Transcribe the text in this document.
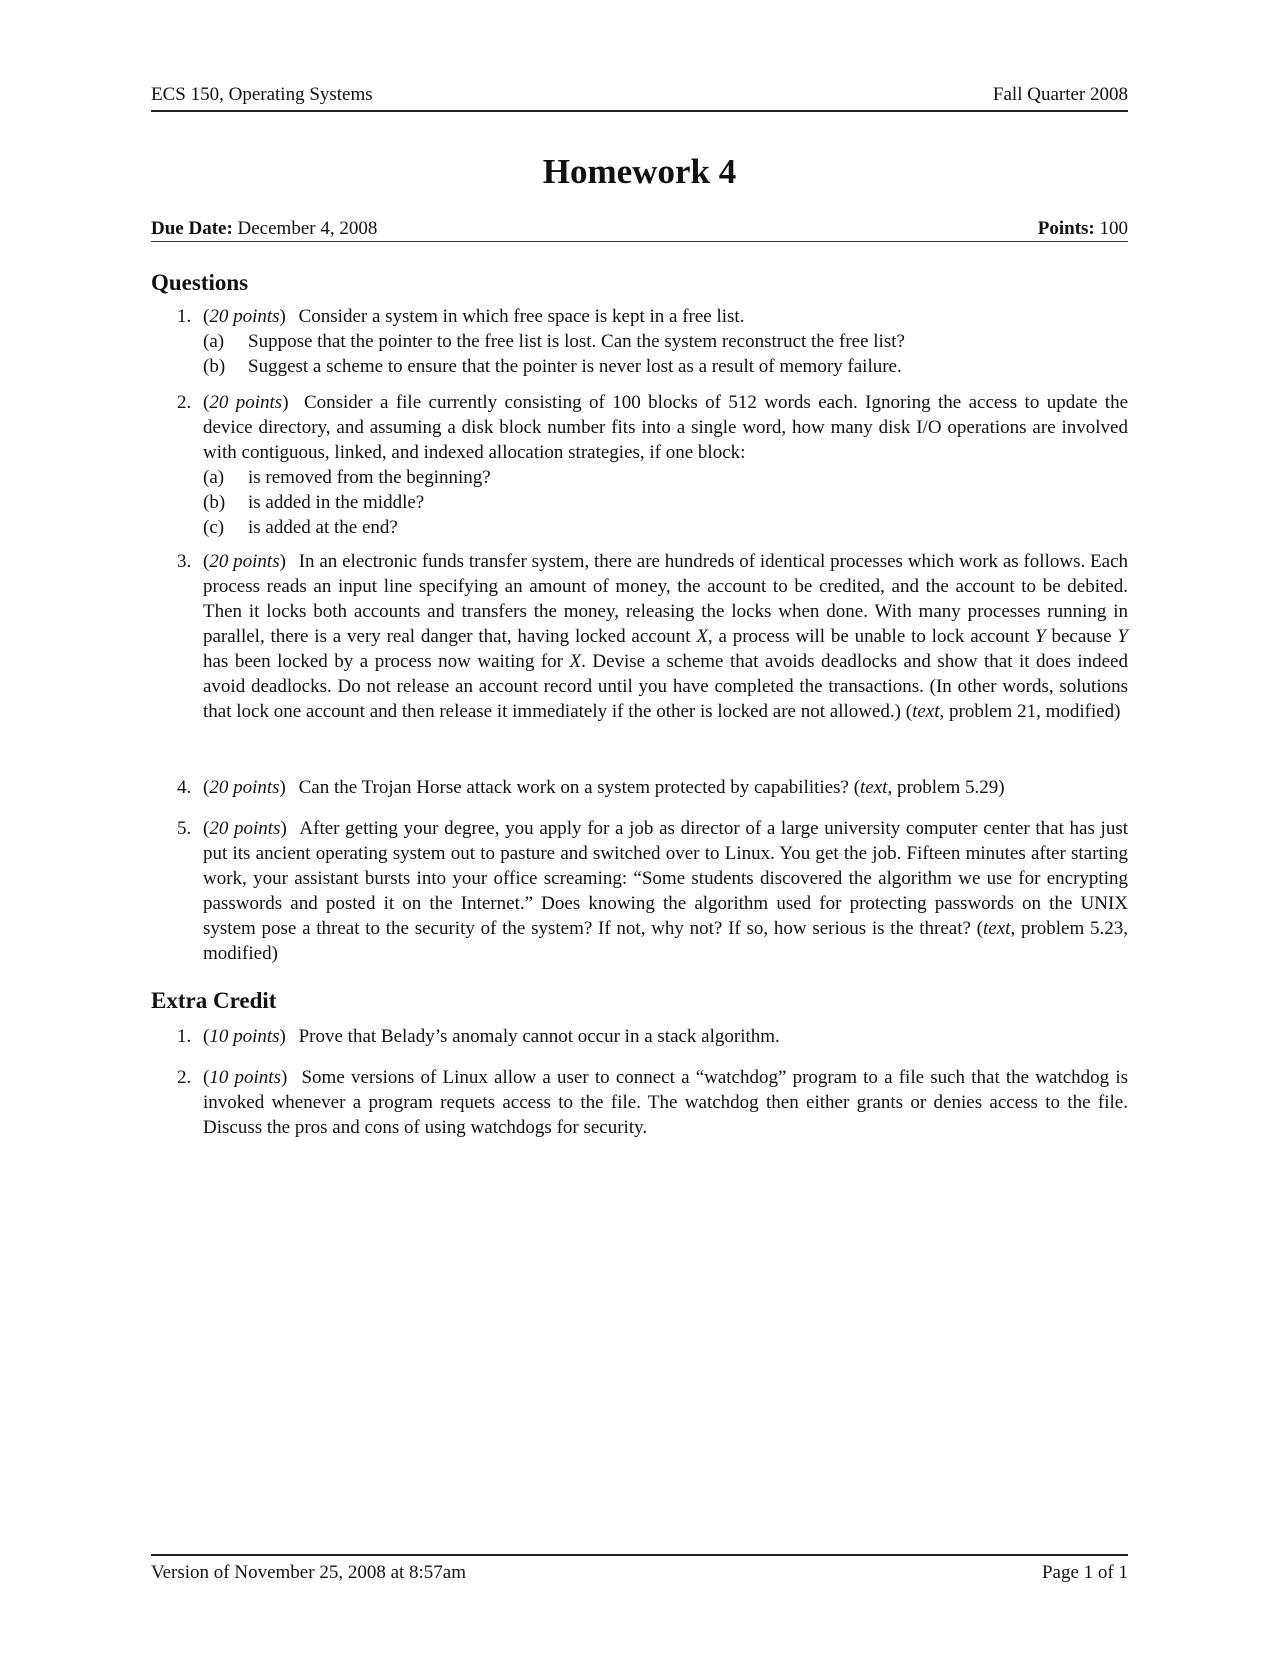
ECS 150, Operating Systems	Fall Quarter 2008
Homework 4
Due Date: December 4, 2008	Points: 100
Questions
1. (20 points) Consider a system in which free space is kept in a free list.
(a) Suppose that the pointer to the free list is lost. Can the system reconstruct the free list?
(b) Suggest a scheme to ensure that the pointer is never lost as a result of memory failure.
2. (20 points) Consider a file currently consisting of 100 blocks of 512 words each. Ignoring the access to update the device directory, and assuming a disk block number fits into a single word, how many disk I/O operations are involved with contiguous, linked, and indexed allocation strategies, if one block:
(a) is removed from the beginning?
(b) is added in the middle?
(c) is added at the end?
3. (20 points) In an electronic funds transfer system, there are hundreds of identical processes which work as follows. Each process reads an input line specifying an amount of money, the account to be credited, and the account to be debited. Then it locks both accounts and transfers the money, releasing the locks when done. With many processes running in parallel, there is a very real danger that, having locked account X, a process will be unable to lock account Y because Y has been locked by a process now waiting for X. Devise a scheme that avoids deadlocks and show that it does indeed avoid deadlocks. Do not release an account record until you have completed the transactions. (In other words, solutions that lock one account and then release it immediately if the other is locked are not allowed.) (text, problem 21, modified)
4. (20 points) Can the Trojan Horse attack work on a system protected by capabilities? (text, problem 5.29)
5. (20 points) After getting your degree, you apply for a job as director of a large university computer center that has just put its ancient operating system out to pasture and switched over to Linux. You get the job. Fifteen minutes after starting work, your assistant bursts into your office screaming: “Some students discovered the algorithm we use for encrypting passwords and posted it on the Internet.” Does knowing the algorithm used for protecting passwords on the UNIX system pose a threat to the security of the system? If not, why not? If so, how serious is the threat? (text, problem 5.23, modified)
Extra Credit
1. (10 points) Prove that Belady’s anomaly cannot occur in a stack algorithm.
2. (10 points) Some versions of Linux allow a user to connect a “watchdog” program to a file such that the watchdog is invoked whenever a program requets access to the file. The watchdog then either grants or denies access to the file. Discuss the pros and cons of using watchdogs for security.
Version of November 25, 2008 at 8:57am	Page 1 of 1
